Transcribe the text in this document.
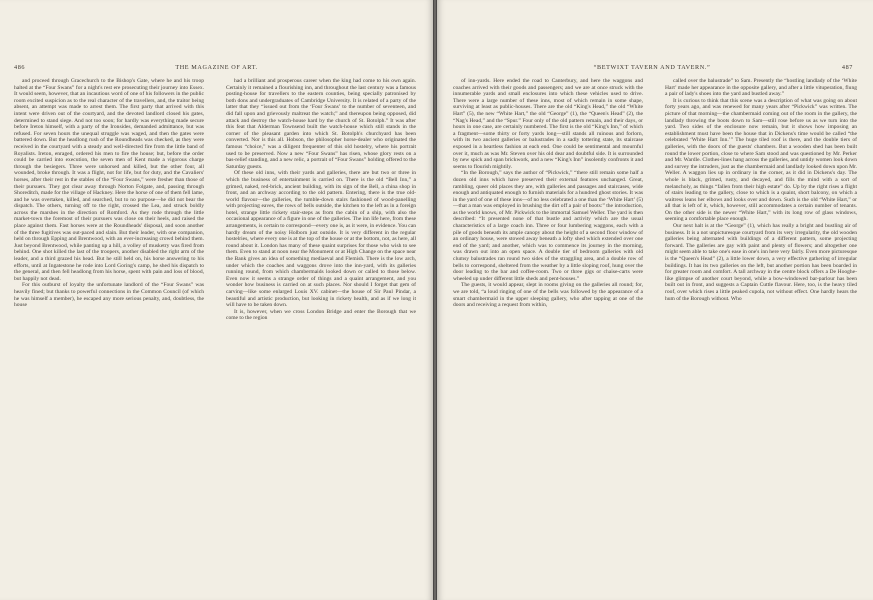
486	THE MAGAZINE OF ART.

and proceed through Gracechurch to the Bishop's Gate, where he and his troop halted at the “Four Swans” for a night's rest ere prosecuting their journey into Essex. It would seem, however, that an incautious word of one of his followers in the public room excited suspicion as to the real character of the travellers, and, the traitor being absent, an attempt was made to arrest them. The first party that arrived with this intent were driven out of the courtyard, and the devoted landlord closed his gates, determined to stand siege. And not too soon; for hardly was everything made secure before Ireton himself, with a party of the Ironsides, demanded admittance, but was refused. For seven hours the unequal struggle was waged, and then the gates were battered down. But the headlong rush of the Roundheads was checked, as they were received in the courtyard with a steady and well-directed fire from the little band of Royalists. Ireton, enraged, ordered his men to fire the house; but, before the order could be carried into execution, the seven men of Kent made a vigorous charge through the besiegers. Three were unhorsed and killed, but the other four, all wounded, broke through. It was a flight, not for life, but for duty, and the Cavaliers' horses, after their rest in the stables of the “Four Swans,” were fresher than those of their pursuers. They got clear away through Norton Folgate, and, passing through Shoreditch, made for the village of Hackney. Here the horse of one of them fell lame, and he was overtaken, killed, and searched, but to no purpose—he did not bear the dispatch. The others, turning off to the right, crossed the Lea, and struck boldly across the marshes in the direction of Romford. As they rode through the little market-town the foremost of their pursuers was close on their heels, and raised the place against them. Fast horses were at the Roundheads' disposal, and soon another of the three fugitives was out-paced and slain. But their leader, with one companion, held on through Epping and Brentwood, with an ever-increasing crowd behind them. Just beyond Brentwood, while panting up a hill, a volley of musketry was fired from behind. One shot killed the last of the troopers, another disabled the right arm of the leader, and a third grazed his head. But he still held on, his horse answering to his efforts, until at Ingatestone he rode into Lord Goring's camp, he shed his dispatch to the general, and then fell headlong from his horse, spent with pain and loss of blood, but happily not dead.

For this outburst of loyalty the unfortunate landlord of the “Four Swans” was heavily fined; but thanks to powerful connections in the Common Council (of which he was himself a member), he escaped any more serious penalty, and, doubtless, the house

had a brilliant and prosperous career when the king had come to his own again. Certainly it remained a flourishing inn, and throughout the last century was a famous posting-house for travellers to the eastern counties, being specially patronised by both dons and undergraduates of Cambridge University. It is related of a party of the latter that they “issued out from the ‘Four Swans’ to the number of seventeen, and did fall upon and grievously maltreat the watch;” and thereupon being opposed, did attack and destroy the watch-house hard by the church of St. Botolph.” It was after this feat that Alderman Townsend built the watch-house which still stands in the corner of the pleasant garden into which St. Botolph's churchyard has been converted. Nor is this all. Hobson, the philosopher horse-dealer who originated the famous “choice,” was a diligent frequenter of this old hostelry, where his portrait used to be preserved. Now a new “Four Swans” has risen, whose glory rests on a bas-relief standing, and a new relic, a portrait of “Four Swans” holding offered to the Saturday guests.

Of these old inns, with their yards and galleries, there are but two or three in which the business of entertainment is carried on. There is the old “Bell Inn,” a grimed, naked, red-brick, ancient building, with its sign of the Bell, a china shop in front, and an archway according to the old pattern. Entering, there is the true old-world flavour—the galleries, the tumble-down stairs fashioned of wood-panelling with projecting eaves, the rows of bells outside, the kitchen to the left as in a foreign hotel, strange little rickety stair-steps as from the cabin of a ship, with also the occasional appearance of a figure in one of the galleries. The inn life here, from these arrangements, is certain to correspond—every one is, as it were, in evidence. You can hardly dream of the noisy Holborn just outside. It is very different in the regular hostelries, where every one is at the top of the house or at the bottom, not, as here, all round about it. London has many of these quaint surprises for those who wish to see them. Even to stand at noon near the Monument or at High Change on the space near the Bank gives an idea of something mediaeval and Flemish. There is the low arch, under which the coaches and waggons drove into the inn-yard, with its galleries running round, from which chambermaids looked down or called to those below. Even now it seems a strange order of things and a quaint arrangement, and you wonder how business is carried on at such places. Nor should I forget that gem of carving—like some enlarged Louis XV. cabinet—the house of Sir Paul Pindar, a beautiful and artistic production, but looking in rickety health, and as if we long it will have to be taken down.

It is, however, when we cross London Bridge and enter the Borough that we come to the region

“BETWIXT TAVERN AND TAVERN.”	487

of inn-yards. Here ended the road to Canterbury, and here the waggons and coaches arrived with their goods and passengers; and we are at once struck with the innumerable yards and small enclosures into which these vehicles used to drive. There were a large number of these inns, most of which remain in some shape, surviving at least as public-houses. There are the old “King's Head,” the old “White Hart” (5), the new “White Hart,” the old “George” (1), the “Queen's Head” (2), the “Nag's Head,” and the “Spur.” Four only of the old pattern remain, and their days, or hours in one case, are certainly numbered. The first is the old “King's Inn,” of which a fragment—some thirty or forty yards long—still stands all ruinous and forlorn, with its two ancient galleries or balustrades in a sadly tottering state, its staircase exposed in a heartless fashion at each end. One could be sentimental and mournful over it, much as was Mr. Steven over his old dear and doubtful side. It is surrounded by new spick and span brickwork, and a new “King's Inn” insolently confronts it and seems to flourish mightily.

“In the Borough,” says the author of “Pickwick,” “there still remain some half a dozen old inns which have preserved their external features unchanged. Great, rambling, queer old places they are, with galleries and passages and staircases, wide enough and antiquated enough to furnish materials for a hundred ghost stories. It was in the yard of one of these inns—of no less celebrated a one than the ‘White Hart’ (5)—that a man was employed in brushing the dirt off a pair of boots:” the introduction, as the world knows, of Mr. Pickwick to the immortal Samuel Weller. The yard is then described: “It presented none of that bustle and activity which are the usual characteristics of a large coach inn. Three or four lumbering waggons, each with a pile of goods beneath its ample canopy about the height of a second floor window of an ordinary house, were stowed away beneath a lofty shed which extended over one end of the yard; and another, which was to commence its journey in the morning, was drawn out into an open space. A double tier of bedroom galleries with old clumsy balustrades ran round two sides of the straggling area, and a double row of bells to correspond, sheltered from the weather by a little sloping roof, hung over the door leading to the bar and coffee-room. Two or three gigs or chaise-carts were wheeled up under different little sheds and pent-houses.”

The guests, it would appear, slept in rooms giving on the galleries all round; for, we are told, “a loud ringing of one of the bells was followed by the appearance of a smart chambermaid in the upper sleeping gallery, who after tapping at one of the doors and receiving a request from within,

called over the balustrade” to Sam. Presently the “hostling landlady of the ‘White Hart’ made her appearance in the opposite gallery, and after a little vituperation, flung a pair of lady's shoes into the yard and bustled away.”

It is curious to think that this scene was a description of what was going on about forty years ago, and was renewed for many years after “Pickwick” was written. The picture of that morning—the chambermaid coming out of the room in the gallery, the landlady throwing the boots down to Sam—still rose before us as we turn into the yard. Two sides of the enclosure now remain, but it shows how imposing an establishment must have been the house that in Dickens's time would be called “the celebrated ‘White Hart Inn.’” The huge tiled roof is there, and the double tiers of galleries, with the doors of the guests' chambers. But a wooden shed has been built round the lower portion, close to where Sam stood and was questioned by Mr. Perker and Mr. Wardle. Clothes-lines hang across the galleries, and untidy women look down and survey the intruders, just as the chambermaid and landlady looked down upon Mr. Weller. A waggon lies up in ordinary in the corner, as it did in Dickens's day. The whole is black, grimed, rusty, and decayed, and fills the mind with a sort of melancholy, as things “fallen from their high estate” do. Up by the right rises a flight of stairs leading to the gallery, close to which is a quaint, short balcony, on which a waitress leans her elbows and looks over and down. Such is the old “White Hart,” or all that is left of it, which, however, still accommodates a certain number of tenants. On the other side is the newer “White Hart,” with its long row of glass windows, seeming a comfortable place enough.

Our next halt is at the “George” (1), which has really a bright and bustling air of business. It is a not unpicturesque courtyard from its very irregularity, the old wooden galleries being alternated with buildings of a different pattern, some projecting forward. The galleries are gay with paint and plenty of flowers; and altogether one might seem able to take one's ease in one's inn here very fairly. Even more picturesque is the “Queen's Head” (2), a little lower down, a very effective gathering of irregular buildings. It has its two galleries on the left, but another portion has been boarded in for greater room and comfort. A tall archway in the centre block offers a De Hooghe-like glimpse of another court beyond, while a bow-windowed bar-parlour has been built out in front, and suggests a Captain Cuttle flavour. Here, too, is the heavy tiled roof, over which rises a little peaked cupola, not without effect. One hardly hears the hum of the Borough without. Who
